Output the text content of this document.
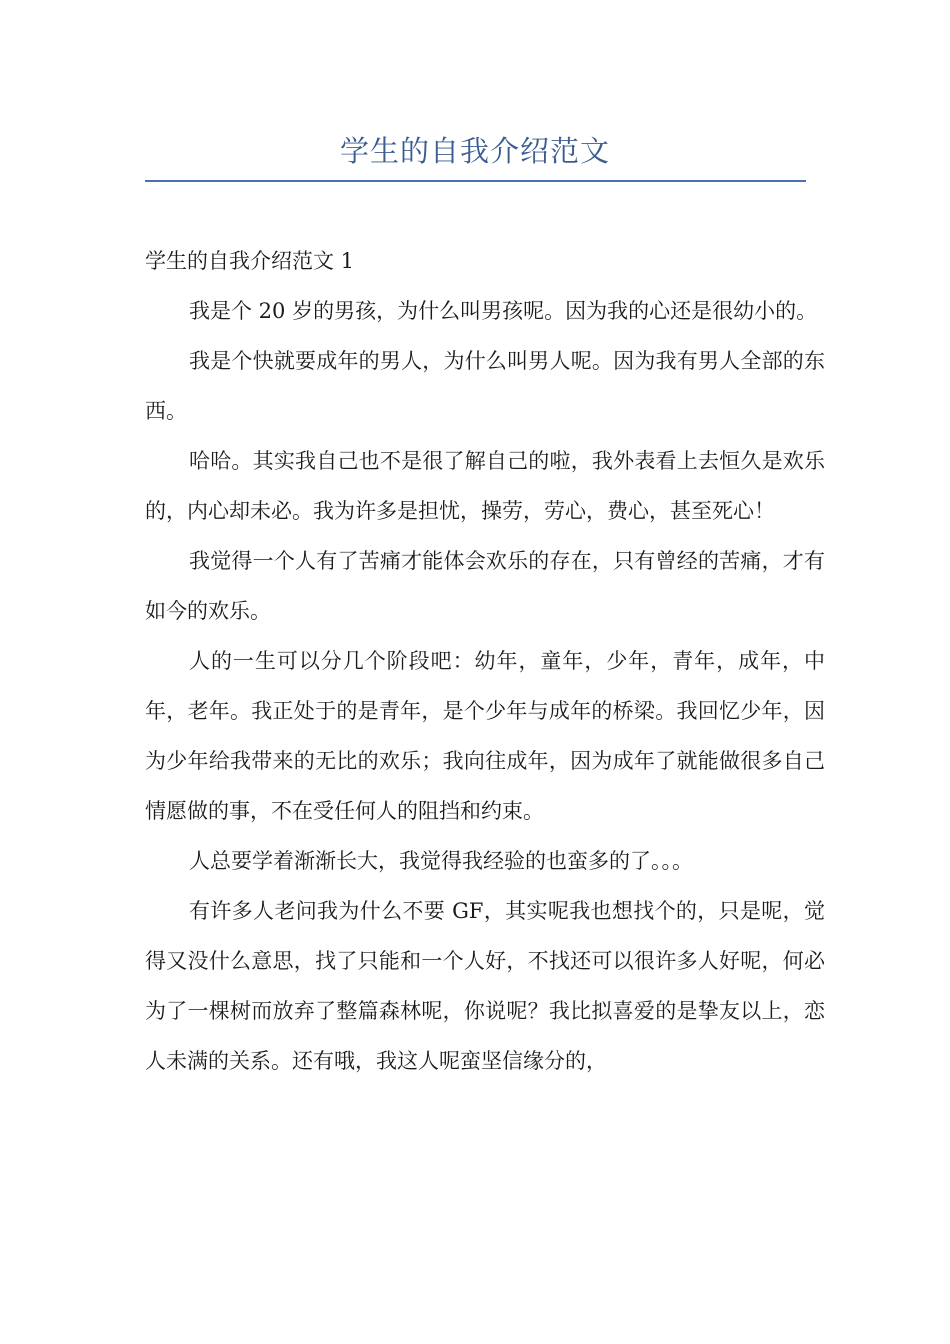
学生的自我介绍范文
学生的自我介绍范文 1

我是个 20 岁的男孩，为什么叫男孩呢。因为我的心还是很幼小的。

我是个快就要成年的男人，为什么叫男人呢。因为我有男人全部的东西。

哈哈。其实我自己也不是很了解自己的啦，我外表看上去恒久是欢乐的，内心却未必。我为许多是担忧，操劳，劳心，费心，甚至死心！

我觉得一个人有了苦痛才能体会欢乐的存在，只有曾经的苦痛，才有如今的欢乐。

人的一生可以分几个阶段吧：幼年，童年，少年，青年，成年，中年，老年。我正处于的是青年，是个少年与成年的桥梁。我回忆少年，因为少年给我带来的无比的欢乐；我向往成年，因为成年了就能做很多自己情愿做的事，不在受任何人的阻挡和约束。

人总要学着渐渐长大，我觉得我经验的也蛮多的了。。。

有许多人老问我为什么不要 GF，其实呢我也想找个的，只是呢，觉得又没什么意思，找了只能和一个人好，不找还可以很许多人好呢，何必为了一棵树而放弃了整篇森林呢，你说呢？我比拟喜爱的是挚友以上，恋人未满的关系。还有哦，我这人呢蛮坚信缘分的，
